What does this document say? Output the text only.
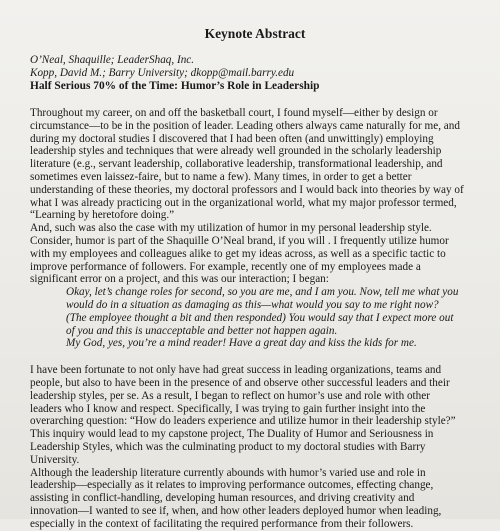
Keynote Abstract
O’Neal, Shaquille; LeaderShaq, Inc.
Kopp, David M.; Barry University; dkopp@mail.barry.edu
Half Serious 70% of the Time: Humor’s Role in Leadership
Throughout my career, on and off the basketball court, I found myself—either by design or
circumstance—to be in the position of leader. Leading others always came naturally for me, and
during my doctoral studies I discovered that I had been often (and unwittingly) employing
leadership styles and techniques that were already well grounded in the scholarly leadership
literature (e.g., servant leadership, collaborative leadership, transformational leadership, and
sometimes even laissez-faire, but to name a few). Many times, in order to get a better
understanding of these theories, my doctoral professors and I would back into theories by way of
what I was already practicing out in the organizational world, what my major professor termed,
“Learning by heretofore doing.”
And, such was also the case with my utilization of humor in my personal leadership style.
Consider, humor is part of the Shaquille O’Neal brand, if you will . I frequently utilize humor
with my employees and colleagues alike to get my ideas across, as well as a specific tactic to
improve performance of followers. For example, recently one of my employees made a
significant error on a project, and this was our interaction; I began:
Okay, let’s change roles for second, so you are me, and I am you. Now, tell me what you
would do in a situation as damaging as this—what would you say to me right now?
(The employee thought a bit and then responded) You would say that I expect more out
of you and this is unacceptable and better not happen again.
My God, yes, you’re a mind reader! Have a great day and kiss the kids for me.
I have been fortunate to not only have had great success in leading organizations, teams and
people, but also to have been in the presence of and observe other successful leaders and their
leadership styles, per se. As a result, I began to reflect on humor’s use and role with other
leaders who I know and respect. Specifically, I was trying to gain further insight into the
overarching question: “How do leaders experience and utilize humor in their leadership style?”
This inquiry would lead to my capstone project, The Duality of Humor and Seriousness in
Leadership Styles, which was the culminating product to my doctoral studies with Barry
University.
Although the leadership literature currently abounds with humor’s varied use and role in
leadership—especially as it relates to improving performance outcomes, effecting change,
assisting in conflict-handling, developing human resources, and driving creativity and
innovation—I wanted to see if, when, and how other leaders deployed humor when leading,
especially in the context of facilitating the required performance from their followers.
